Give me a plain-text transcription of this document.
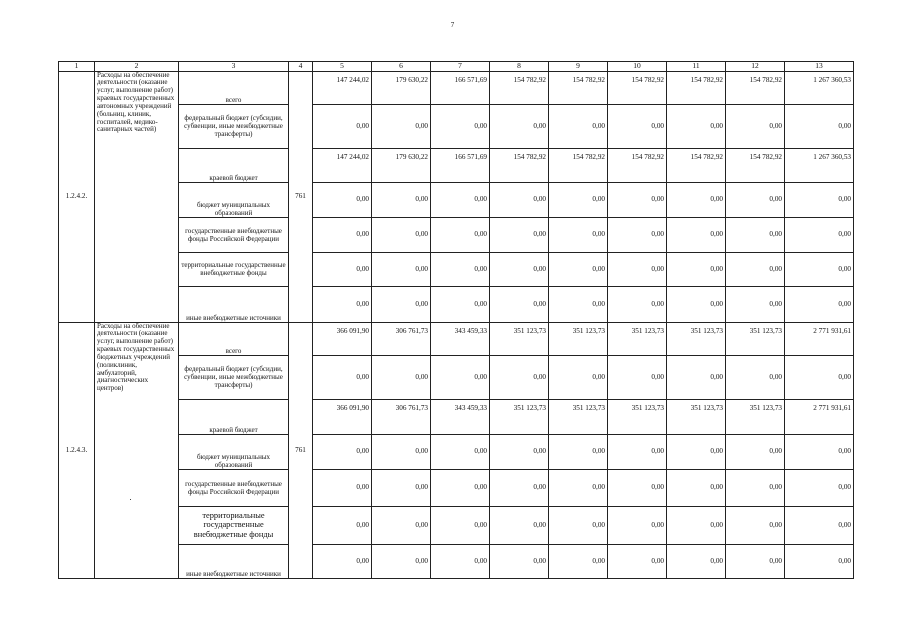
7
1	2	3	4	5	6	7	8	9	10	11	12	13
1.2.4.2.	Расходы на обеспечение деятельности (оказание услуг, выполнение работ) краевых государственных автономных учреждений (больниц, клиник, госпиталей, медико-санитарных частей)	всего	761	147 244,02	179 630,22	166 571,69	154 782,92	154 782,92	154 782,92	154 782,92	154 782,92	1 267 360,53
		федеральный бюджет (субсидии, субвенции, иные межбюджетные трансферты)		0,00	0,00	0,00	0,00	0,00	0,00	0,00	0,00	0,00
		краевой бюджет		147 244,02	179 630,22	166 571,69	154 782,92	154 782,92	154 782,92	154 782,92	154 782,92	1 267 360,53
		бюджет муниципальных образований		0,00	0,00	0,00	0,00	0,00	0,00	0,00	0,00	0,00
		государственные внебюджетные фонды Российской Федерации		0,00	0,00	0,00	0,00	0,00	0,00	0,00	0,00	0,00
		территориальные государственные внебюджетные фонды		0,00	0,00	0,00	0,00	0,00	0,00	0,00	0,00	0,00
		иные внебюджетные источники		0,00	0,00	0,00	0,00	0,00	0,00	0,00	0,00	0,00
1.2.4.3.	Расходы на обеспечение деятельности (оказание услуг, выполнение работ) краевых государственных бюджетных учреждений (поликлиник, амбулаторий, диагностических центров)	всего	761	366 091,90	306 761,73	343 459,33	351 123,73	351 123,73	351 123,73	351 123,73	351 123,73	2 771 931,61
		федеральный бюджет (субсидии, субвенции, иные межбюджетные трансферты)		0,00	0,00	0,00	0,00	0,00	0,00	0,00	0,00	0,00
		краевой бюджет		366 091,90	306 761,73	343 459,33	351 123,73	351 123,73	351 123,73	351 123,73	351 123,73	2 771 931,61
		бюджет муниципальных образований		0,00	0,00	0,00	0,00	0,00	0,00	0,00	0,00	0,00
		государственные внебюджетные фонды Российской Федерации		0,00	0,00	0,00	0,00	0,00	0,00	0,00	0,00	0,00
		территориальные государственные внебюджетные фонды		0,00	0,00	0,00	0,00	0,00	0,00	0,00	0,00	0,00
		иные внебюджетные источники		0,00	0,00	0,00	0,00	0,00	0,00	0,00	0,00	0,00
